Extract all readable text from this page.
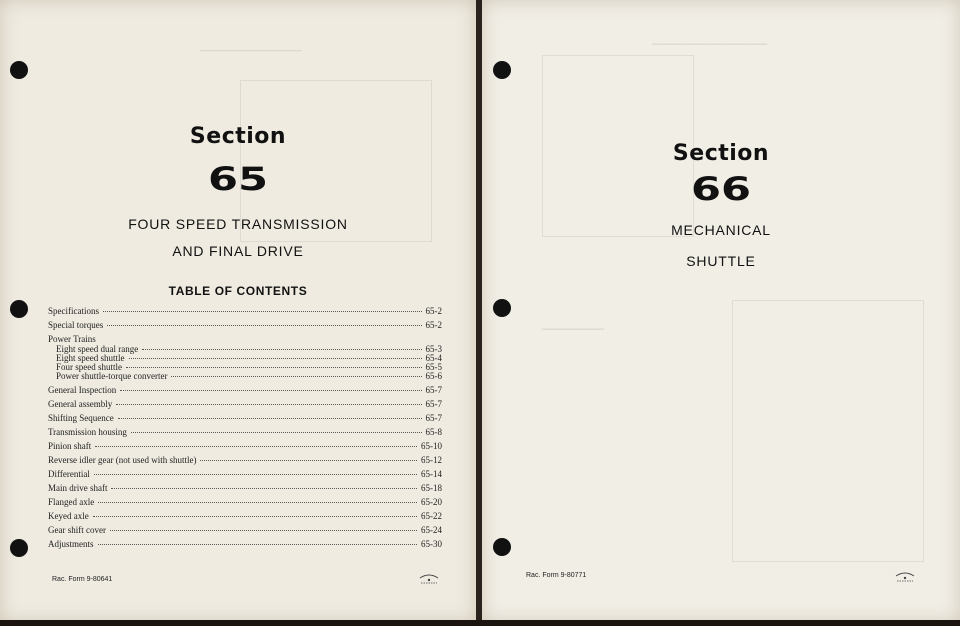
▔▔▔▔▔▔▔▔▔▔▔▔
Section
65
FOUR SPEED TRANSMISSION
AND FINAL DRIVE
TABLE OF CONTENTS
Specifications	65-2
Special torques	65-2
Power Trains
Eight speed dual range	65-3
Eight speed shuttle	65-4
Four speed shuttle	65-5
Power shuttle-torque converter	65-6
General Inspection	65-7
General assembly	65-7
Shifting Sequence	65-7
Transmission housing	65-8
Pinion shaft	65-10
Reverse idler gear (not used with shuttle)	65-12
Differential	65-14
Main drive shaft	65-18
Flanged axle	65-20
Keyed axle	65-22
Gear shift cover	65-24
Adjustments	65-30
Rac. Form 9-80641
▔▔▔▔▔▔▔▔▔▔▔▔▔▔▔
▔▔▔▔▔▔▔▔
Section
66
MECHANICAL
SHUTTLE
Rac. Form 9-80771
